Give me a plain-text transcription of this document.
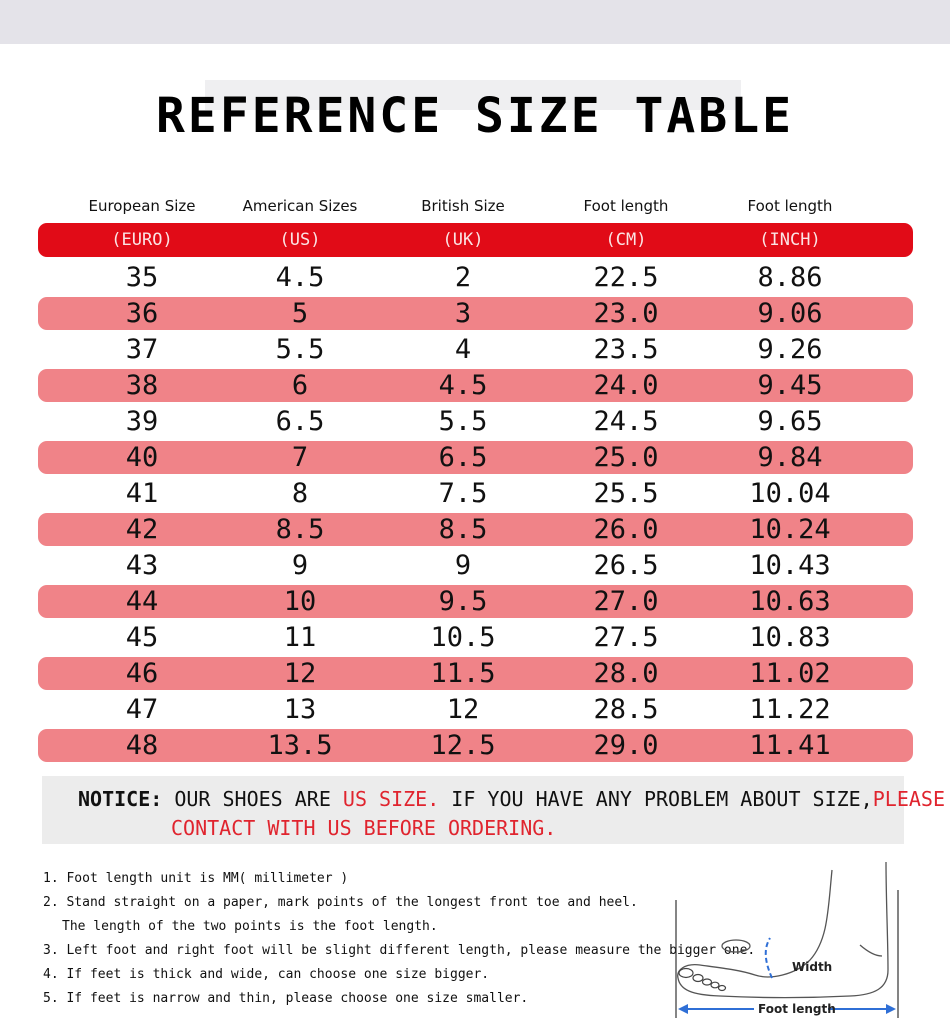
REFERENCE SIZE TABLE
European Size	American Sizes	British Size	Foot length	Foot length
(EURO)	(US)	(UK)	(CM)	(INCH)
35	4.5	2	22.5	8.86
36	5	3	23.0	9.06
37	5.5	4	23.5	9.26
38	6	4.5	24.0	9.45
39	6.5	5.5	24.5	9.65
40	7	6.5	25.0	9.84
41	8	7.5	25.5	10.04
42	8.5	8.5	26.0	10.24
43	9	9	26.5	10.43
44	10	9.5	27.0	10.63
45	11	10.5	27.5	10.83
46	12	11.5	28.0	11.02
47	13	12	28.5	11.22
48	13.5	12.5	29.0	11.41
NOTICE: OUR SHOES ARE US SIZE. IF YOU HAVE ANY PROBLEM ABOUT SIZE,PLEASE
CONTACT WITH US BEFORE ORDERING.
1. Foot length unit is MM( millimeter )
2. Stand straight on a paper, mark points of the longest front toe and heel.
The length of the two points is the foot length.
3. Left foot and right foot will be slight different length, please measure the bigger one.
4. If feet is thick and wide, can choose one size bigger.
5. If feet is narrow and thin, please choose one size smaller.
Width
Foot length
